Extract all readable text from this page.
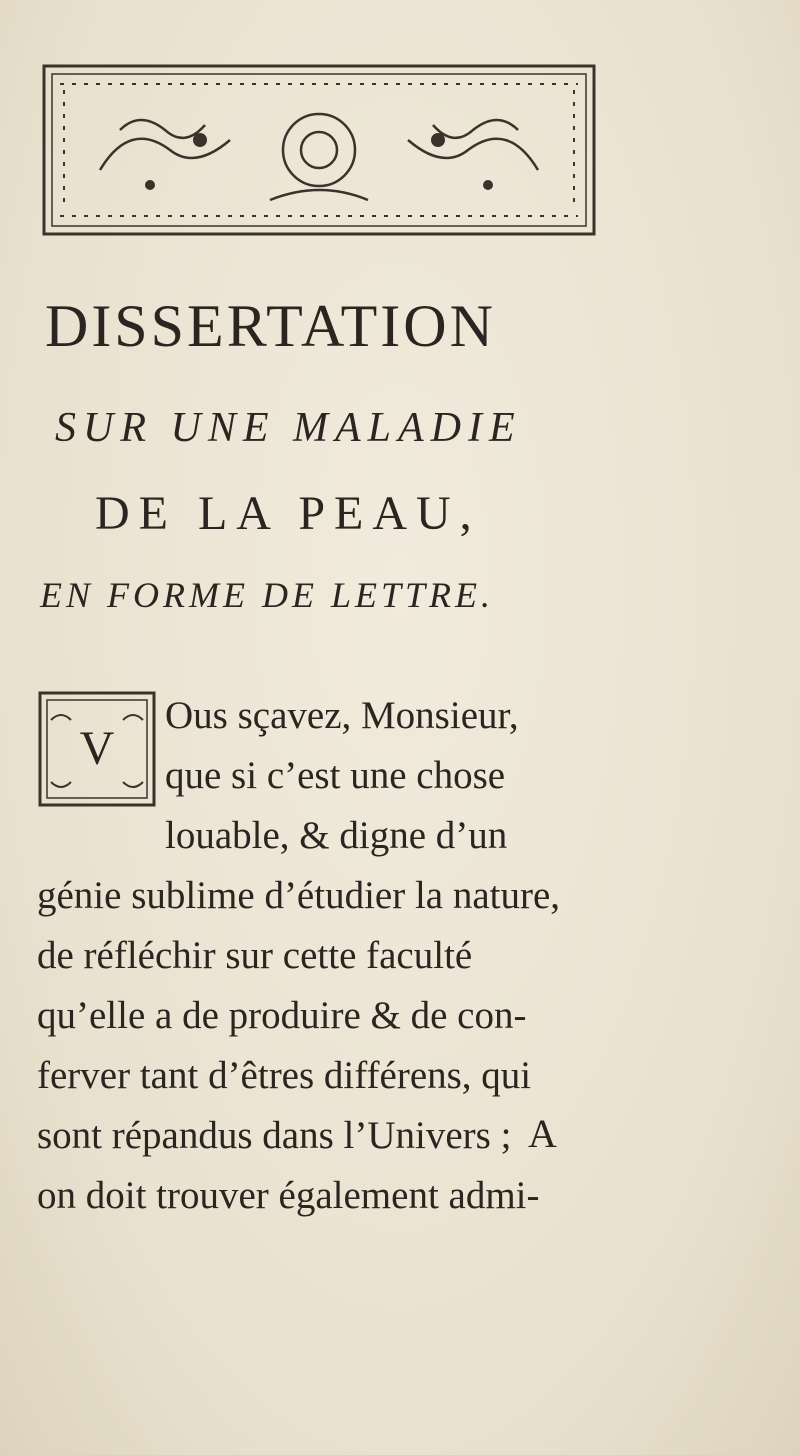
DISSERTATION
SUR UNE MALADIE
DE LA PEAU,
EN FORME DE LETTRE.
V
Ous sçavez, Monsieur,
que si c’est une chose
louable, & digne d’un
génie sublime d’étudier la nature,
de réfléchir sur cette faculté
qu’elle a de produire & de con-
ferver tant d’êtres différens, qui
sont répandus dans l’Univers ;
on doit trouver également admi-
A
